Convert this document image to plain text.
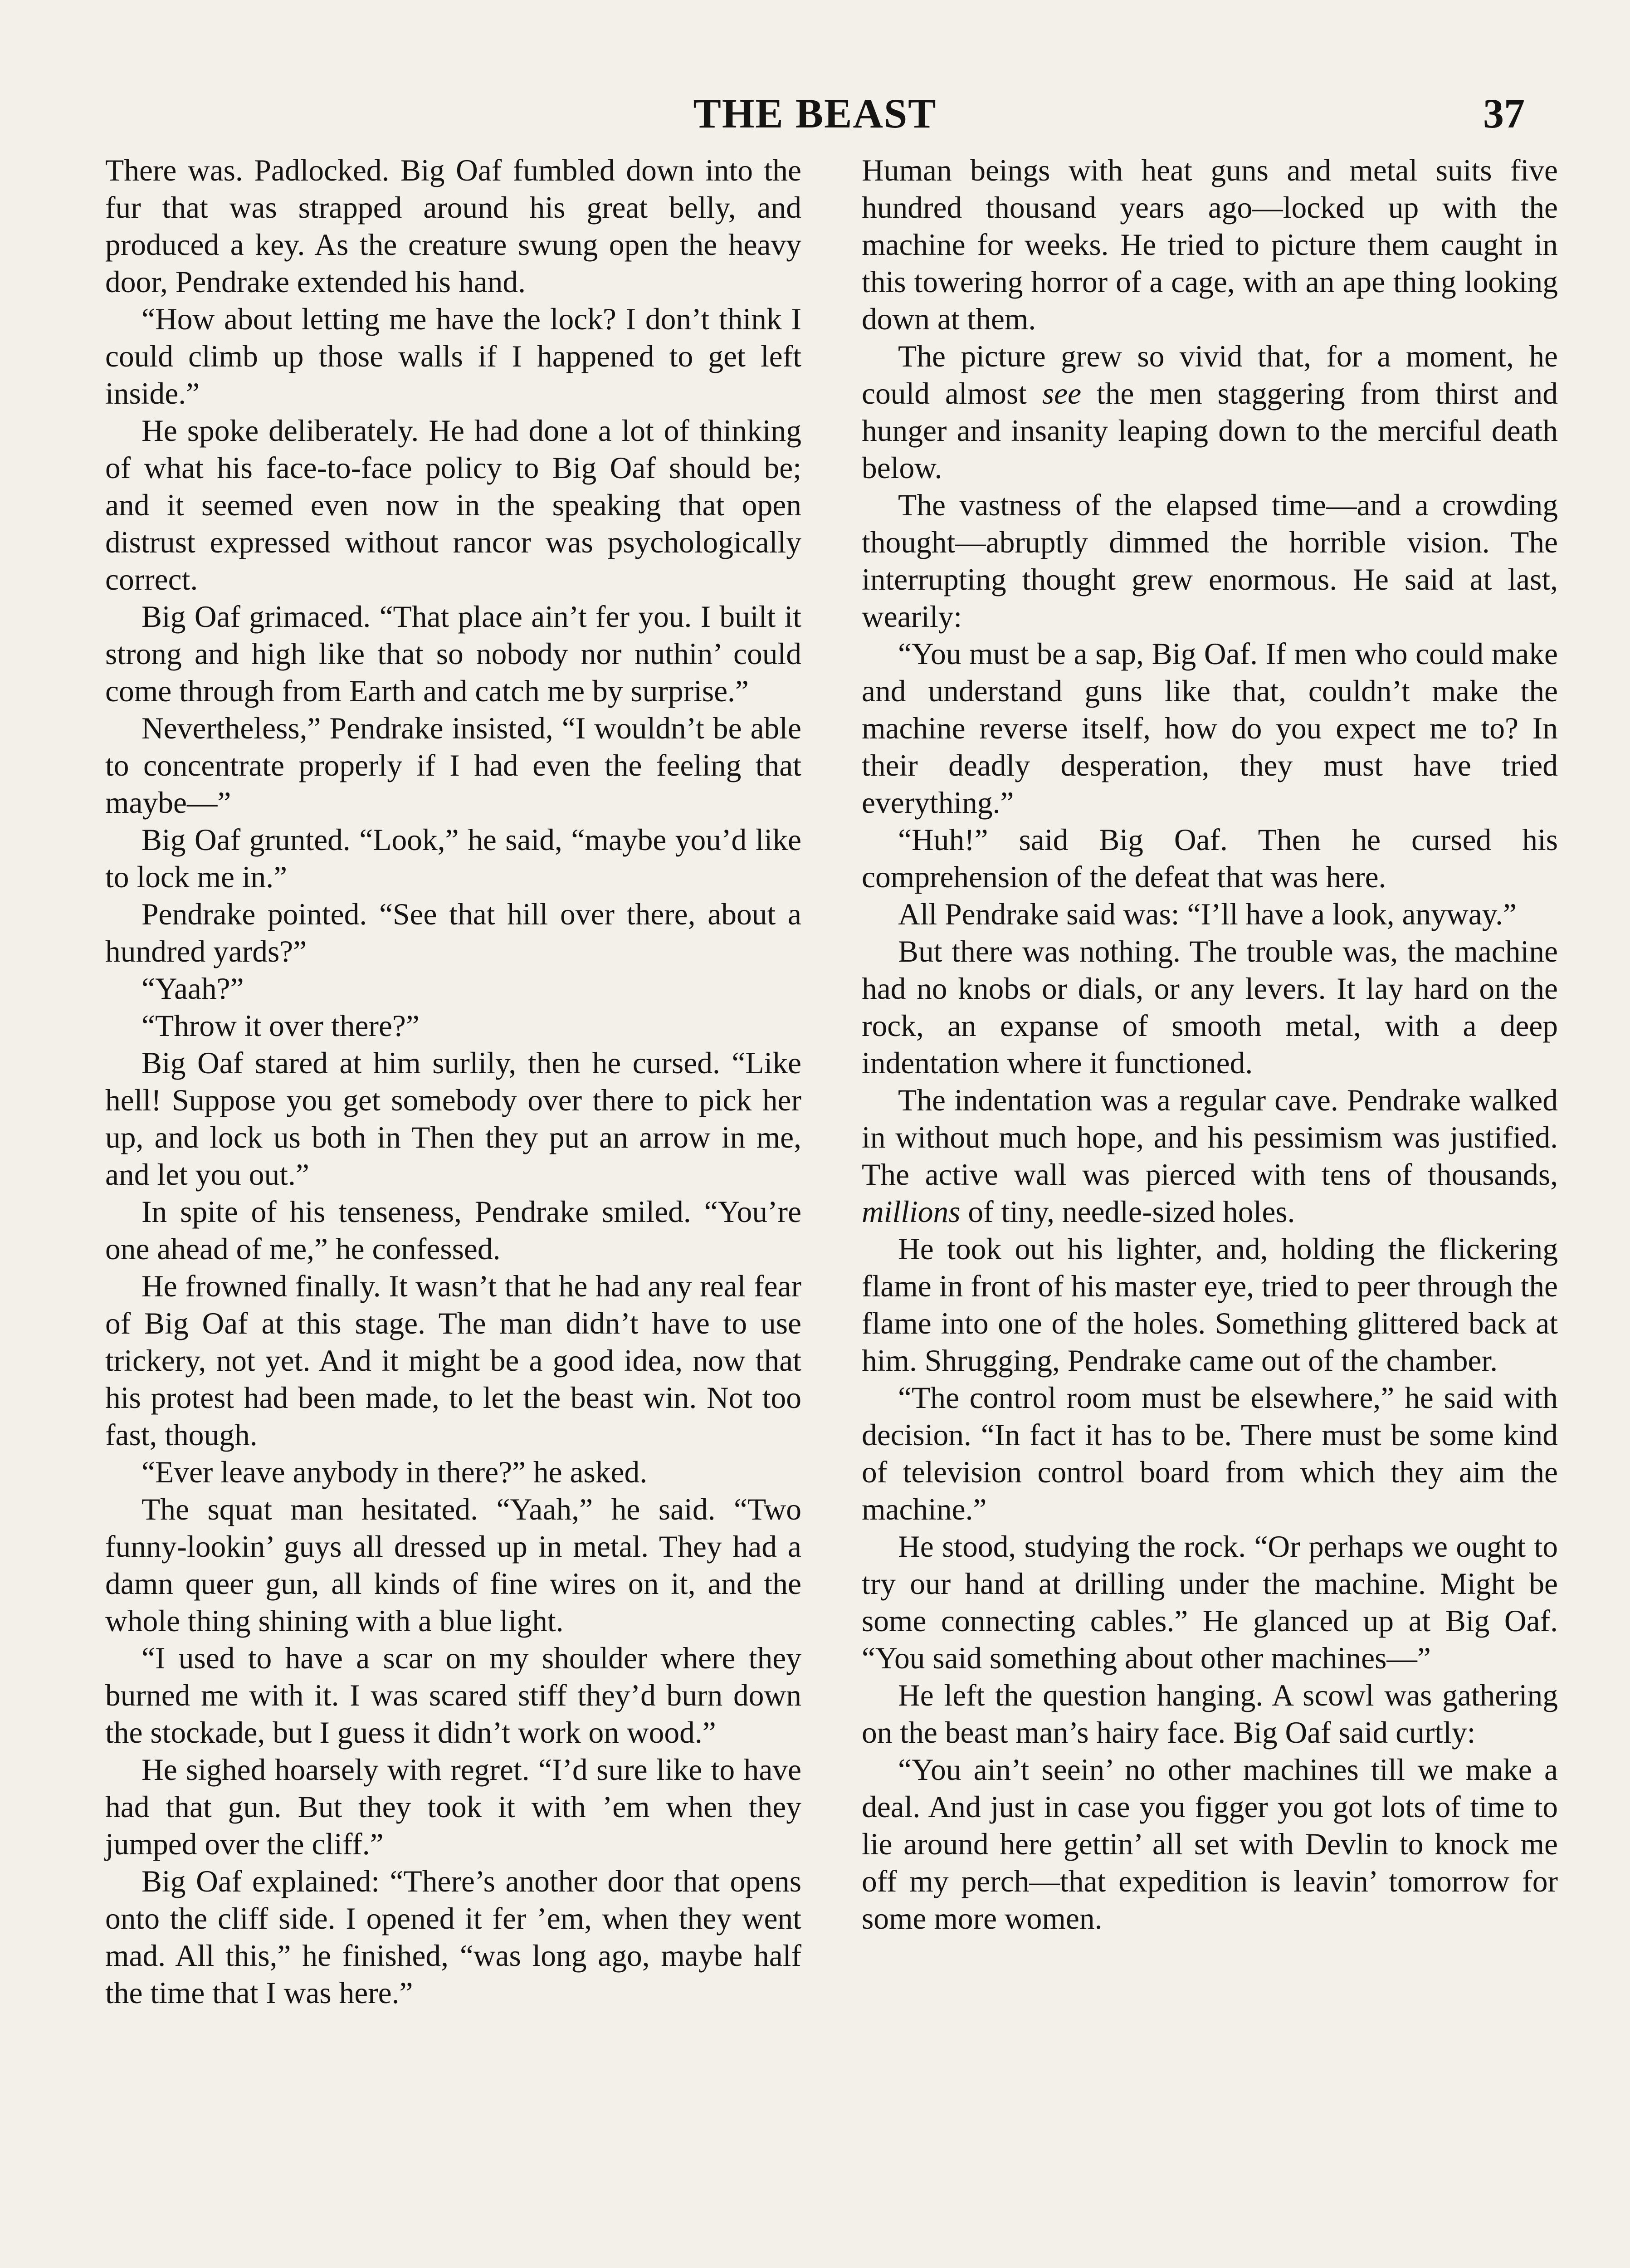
THE BEAST	37

There was. Padlocked. Big Oaf fumbled down into the fur that was strapped around his great belly, and produced a key. As the creature swung open the heavy door, Pendrake extended his hand.

“How about letting me have the lock? I don’t think I could climb up those walls if I happened to get left inside.”

He spoke deliberately. He had done a lot of thinking of what his face-to-face policy to Big Oaf should be; and it seemed even now in the speaking that open distrust expressed without rancor was psychologically correct.

Big Oaf grimaced. “That place ain’t fer you. I built it strong and high like that so nobody nor nuthin’ could come through from Earth and catch me by surprise.”

Nevertheless,” Pendrake insisted, “I wouldn’t be able to concentrate properly if I had even the feeling that maybe—”

Big Oaf grunted. “Look,” he said, “maybe you’d like to lock me in.”

Pendrake pointed. “See that hill over there, about a hundred yards?”

“Yaah?”

“Throw it over there?”

Big Oaf stared at him surlily, then he cursed. “Like hell! Suppose you get somebody over there to pick her up, and lock us both in Then they put an arrow in me, and let you out.”

In spite of his tenseness, Pendrake smiled. “You’re one ahead of me,” he confessed.

He frowned finally. It wasn’t that he had any real fear of Big Oaf at this stage. The man didn’t have to use trickery, not yet. And it might be a good idea, now that his protest had been made, to let the beast win. Not too fast, though.

“Ever leave anybody in there?” he asked.

The squat man hesitated. “Yaah,” he said. “Two funny-lookin’ guys all dressed up in metal. They had a damn queer gun, all kinds of fine wires on it, and the whole thing shining with a blue light.

“I used to have a scar on my shoulder where they burned me with it. I was scared stiff they’d burn down the stockade, but I guess it didn’t work on wood.”

He sighed hoarsely with regret. “I’d sure like to have had that gun. But they took it with ’em when they jumped over the cliff.”

Big Oaf explained: “There’s another door that opens onto the cliff side. I opened it fer ’em, when they went mad. All this,” he finished, “was long ago, maybe half the time that I was here.”

Human beings with heat guns and metal suits five hundred thousand years ago—locked up with the machine for weeks. He tried to picture them caught in this towering horror of a cage, with an ape thing looking down at them.

The picture grew so vivid that, for a moment, he could almost see the men staggering from thirst and hunger and insanity leaping down to the merciful death below.

The vastness of the elapsed time—and a crowding thought—abruptly dimmed the horrible vision. The interrupting thought grew enormous. He said at last, wearily:

“You must be a sap, Big Oaf. If men who could make and understand guns like that, couldn’t make the machine reverse itself, how do you expect me to? In their deadly desperation, they must have tried everything.”

“Huh!” said Big Oaf. Then he cursed his comprehension of the defeat that was here.

All Pendrake said was: “I’ll have a look, anyway.”

But there was nothing. The trouble was, the machine had no knobs or dials, or any levers. It lay hard on the rock, an expanse of smooth metal, with a deep indentation where it functioned.

The indentation was a regular cave. Pendrake walked in without much hope, and his pessimism was justified. The active wall was pierced with tens of thousands, millions of tiny, needle-sized holes.

He took out his lighter, and, holding the flickering flame in front of his master eye, tried to peer through the flame into one of the holes. Something glittered back at him. Shrugging, Pendrake came out of the chamber.

“The control room must be elsewhere,” he said with decision. “In fact it has to be. There must be some kind of television control board from which they aim the machine.”

He stood, studying the rock. “Or perhaps we ought to try our hand at drilling under the machine. Might be some connecting cables.” He glanced up at Big Oaf. “You said something about other machines—”

He left the question hanging. A scowl was gathering on the beast man’s hairy face. Big Oaf said curtly:

“You ain’t seein’ no other machines till we make a deal. And just in case you figger you got lots of time to lie around here gettin’ all set with Devlin to knock me off my perch—that expedition is leavin’ tomorrow for some more women.
